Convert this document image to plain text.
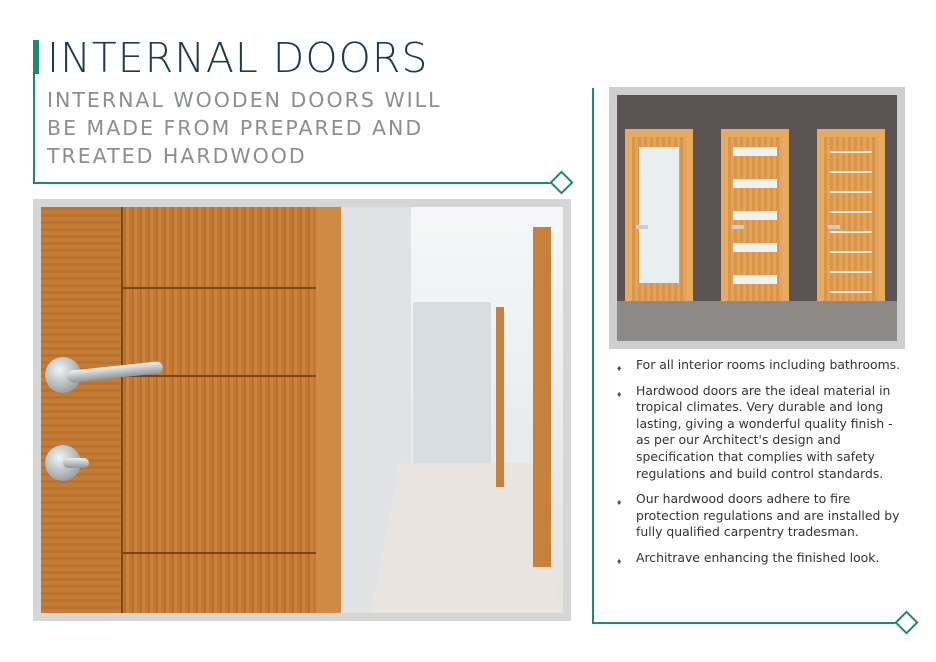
INTERNAL DOORS
INTERNAL WOODEN DOORS WILL
BE MADE FROM PREPARED AND
TREATED HARDWOOD
♦ For all interior rooms including bathrooms.
♦ Hardwood doors are the ideal material in tropical climates. Very durable and long lasting, giving a wonderful quality finish - as per our Architect's design and specification that complies with safety regulations and build control standards.
♦ Our hardwood doors adhere to fire protection regulations and are installed by fully qualified carpentry tradesman.
♦ Architrave enhancing the finished look.
